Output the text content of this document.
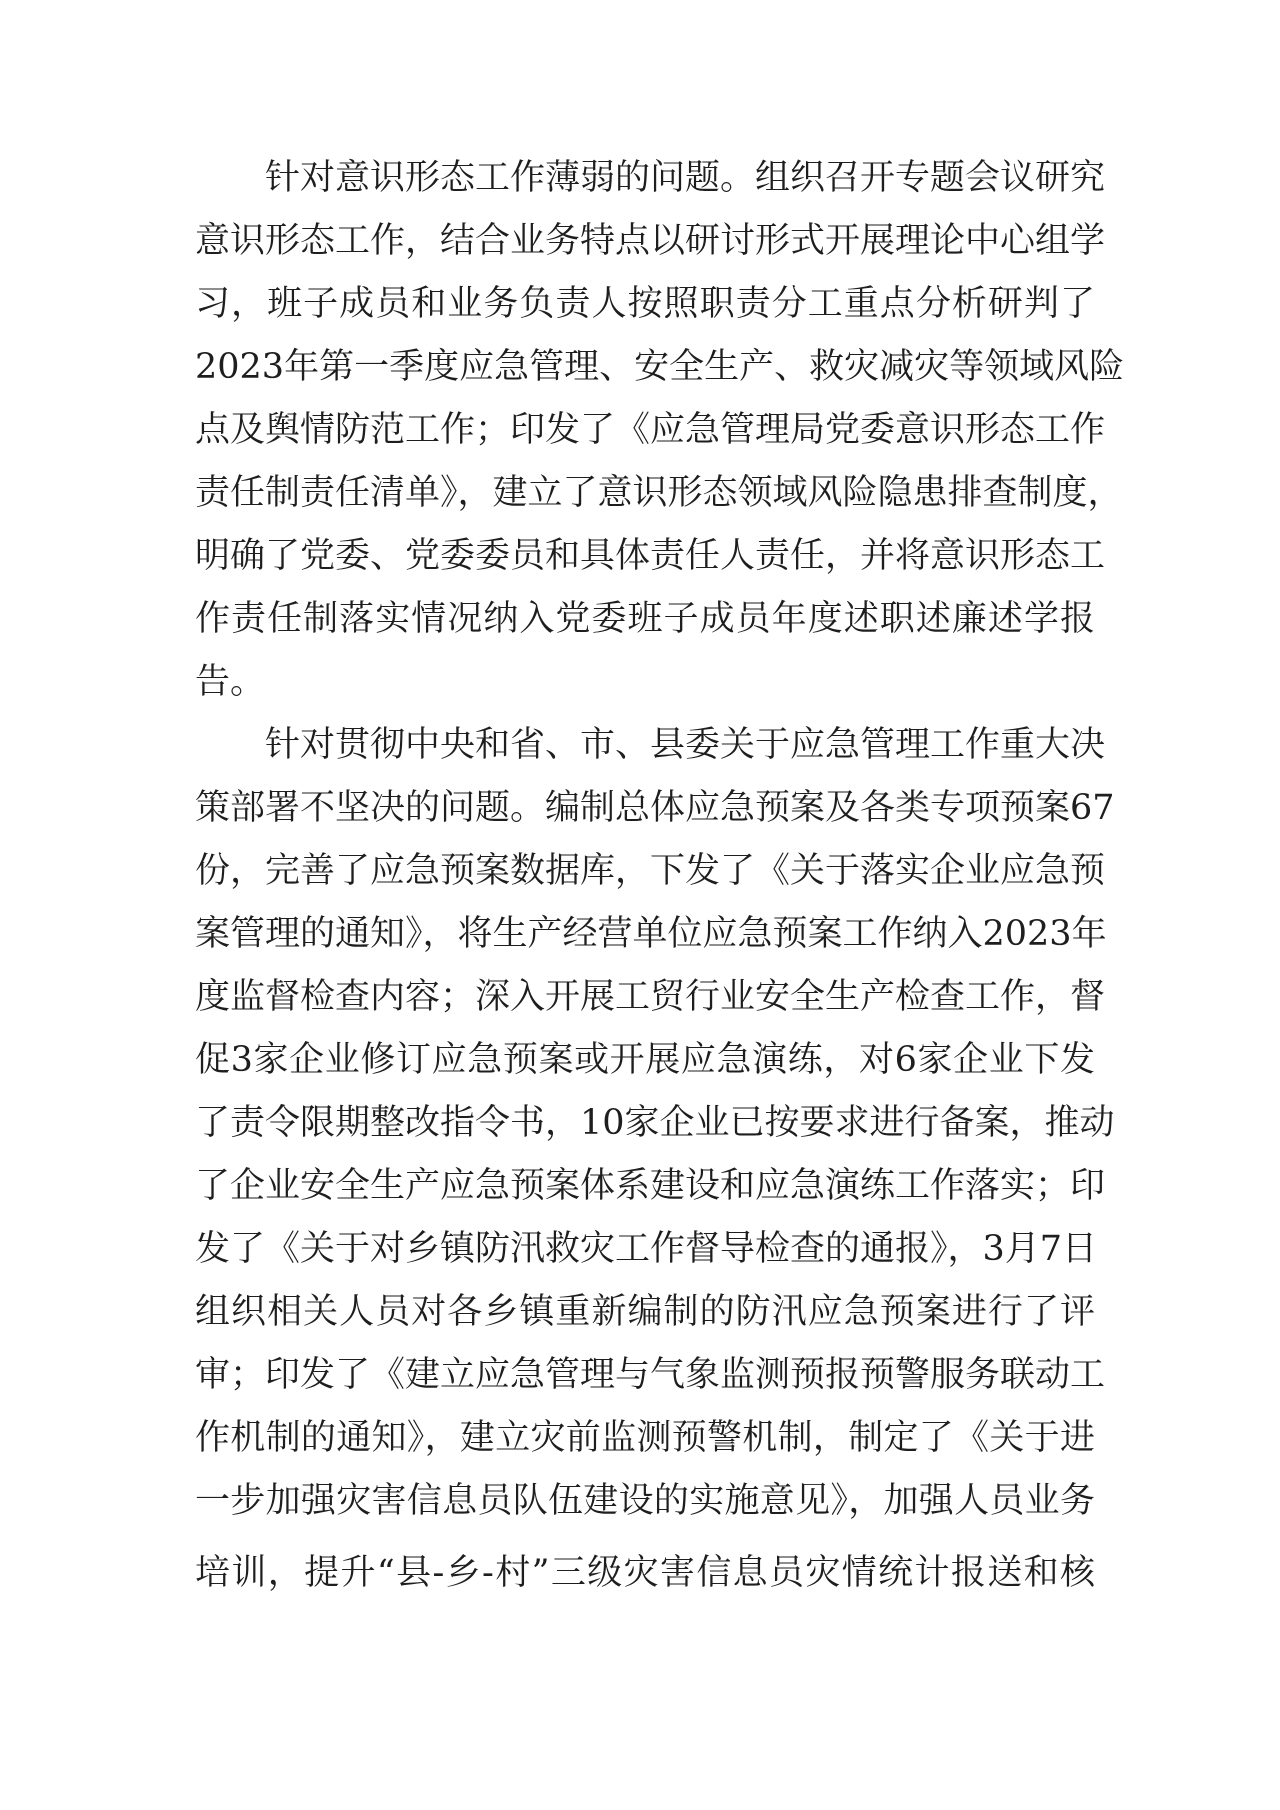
针对意识形态工作薄弱的问题。组织召开专题会议研究
意识形态工作，结合业务特点以研讨形式开展理论中心组学
习，班子成员和业务负责人按照职责分工重点分析研判了
2023年第一季度应急管理、安全生产、救灾减灾等领域风险
点及舆情防范工作；印发了《应急管理局党委意识形态工作
责任制责任清单》，建立了意识形态领域风险隐患排查制度，
明确了党委、党委委员和具体责任人责任，并将意识形态工
作责任制落实情况纳入党委班子成员年度述职述廉述学报
告。
针对贯彻中央和省、市、县委关于应急管理工作重大决
策部署不坚决的问题。编制总体应急预案及各类专项预案67
份，完善了应急预案数据库，下发了《关于落实企业应急预
案管理的通知》，将生产经营单位应急预案工作纳入2023年
度监督检查内容；深入开展工贸行业安全生产检查工作，督
促3家企业修订应急预案或开展应急演练，对6家企业下发
了责令限期整改指令书，10家企业已按要求进行备案，推动
了企业安全生产应急预案体系建设和应急演练工作落实；印
发了《关于对乡镇防汛救灾工作督导检查的通报》，3月7日
组织相关人员对各乡镇重新编制的防汛应急预案进行了评
审；印发了《建立应急管理与气象监测预报预警服务联动工
作机制的通知》，建立灾前监测预警机制，制定了《关于进
一步加强灾害信息员队伍建设的实施意见》，加强人员业务
培训，提升“县-乡-村”三级灾害信息员灾情统计报送和核
